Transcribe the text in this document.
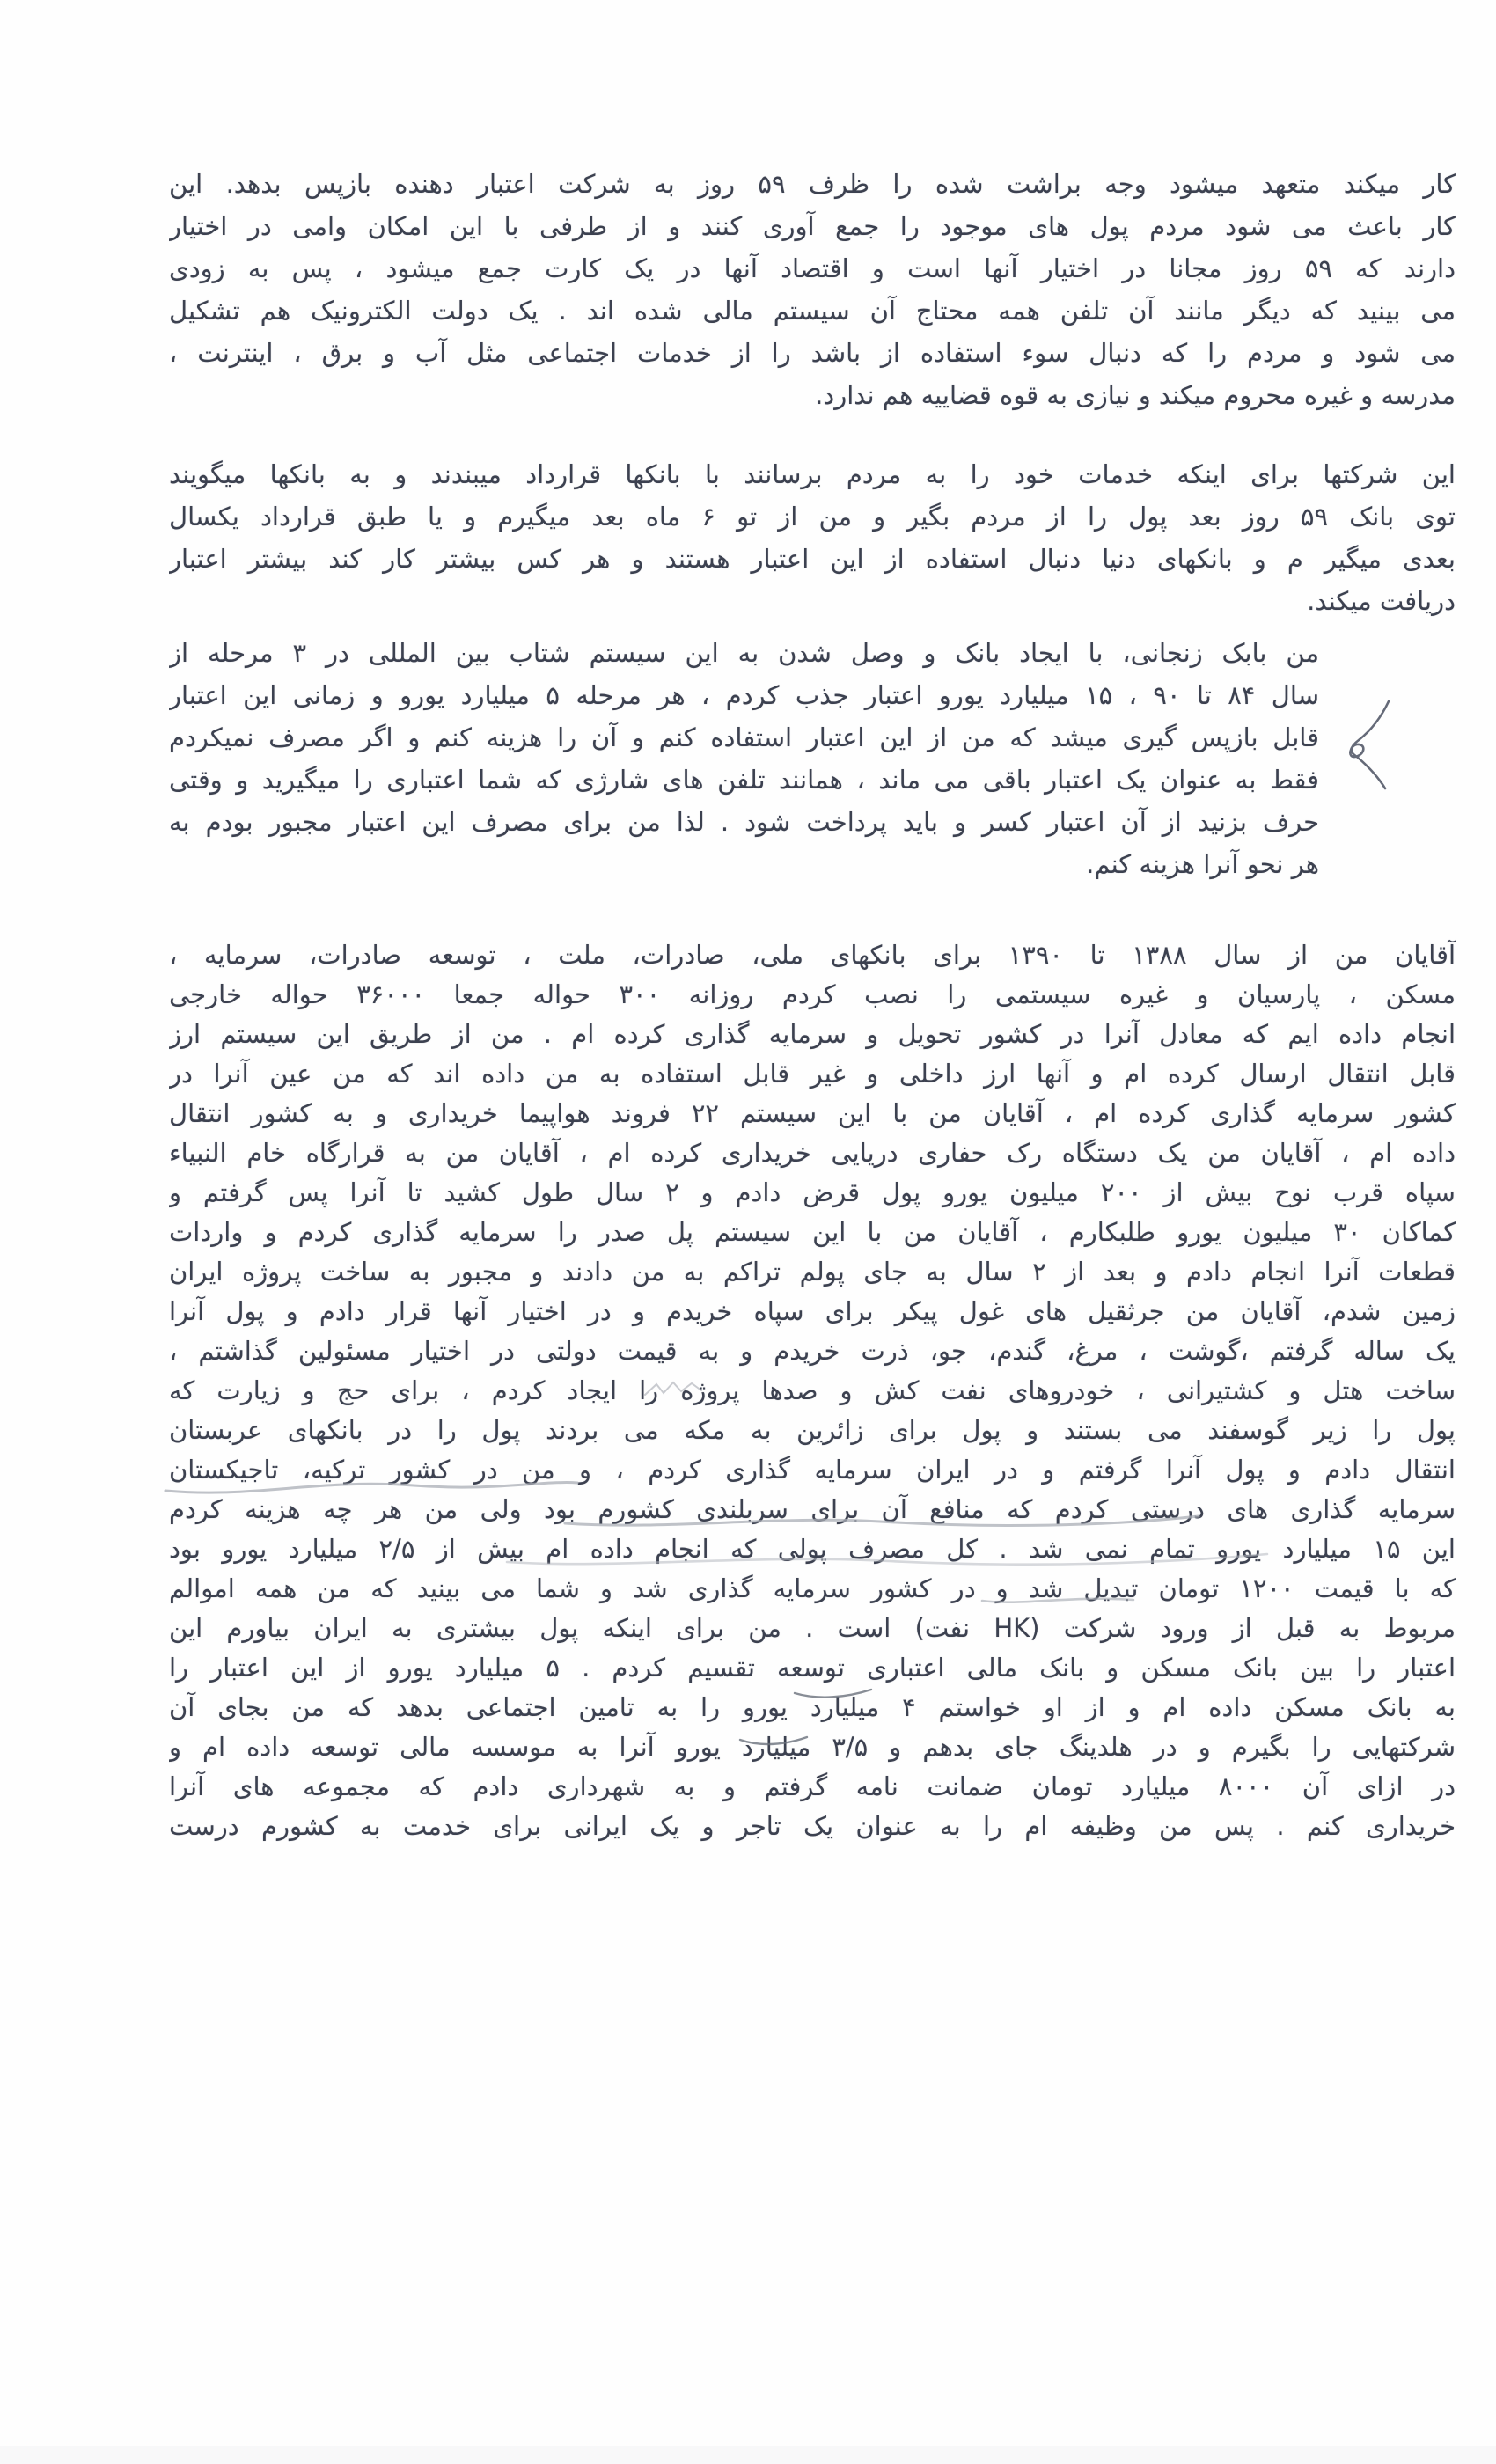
کار میکند متعهد میشود وجه براشت شده را ظرف ۵۹ روز به شرکت اعتبار دهنده بازپس بدهد. این
کار باعث می شود مردم پول های موجود را جمع آوری کنند و از طرفی با این امکان وامی در اختیار
دارند که ۵۹ روز مجانا در اختیار آنها است و اقتصاد آنها در یک کارت جمع میشود ، پس به زودی
می بینید که دیگر مانند آن تلفن همه محتاج آن سیستم مالی شده اند . یک دولت الکترونیک هم تشکیل
می شود و مردم را که دنبال سوء استفاده از باشد را از خدمات اجتماعی مثل آب و برق ، اینترنت ،
مدرسه و غیره محروم میکند و نیازی به قوه قضاییه هم ندارد.
این شرکتها برای اینکه خدمات خود را به مردم برسانند با بانکها قرارداد میبندند و به بانکها میگویند
توی بانک ۵۹ روز بعد پول را از مردم بگیر و من از تو ۶ ماه بعد میگیرم و یا طبق قرارداد یکسال
بعدی میگیر م و بانکهای دنیا دنبال استفاده از این اعتبار هستند و هر کس بیشتر کار کند بیشتر اعتبار
دریافت میکند.
من بابک زنجانی، با ایجاد بانک و وصل شدن به این سیستم شتاب بین المللی در ۳ مرحله از
سال ۸۴ تا ۹۰ ، ۱۵ میلیارد یورو اعتبار جذب کردم ، هر مرحله ۵ میلیارد یورو و زمانی این اعتبار
قابل بازپس گیری میشد که من از این اعتبار استفاده کنم و آن را هزینه کنم و اگر مصرف نمیکردم
فقط به عنوان یک اعتبار باقی می ماند ، همانند تلفن های شارژی که شما اعتباری را میگیرید و وقتی
حرف بزنید از آن اعتبار کسر و باید پرداخت شود . لذا من برای مصرف این اعتبار مجبور بودم به
هر نحو آنرا هزینه کنم.
آقایان من از سال ۱۳۸۸ تا ۱۳۹۰ برای بانکهای ملی، صادرات، ملت ، توسعه صادرات، سرمایه ،
مسکن ، پارسیان و غیره سیستمی را نصب کردم روزانه ۳۰۰ حواله جمعا ۳۶۰۰۰ حواله خارجی
انجام داده ایم که معادل آنرا در کشور تحویل و سرمایه گذاری کرده ام . من از طریق این سیستم ارز
قابل انتقال ارسال کرده ام و آنها ارز داخلی و غیر قابل استفاده به من داده اند که من عین آنرا در
کشور سرمایه گذاری کرده ام ، آقایان من با این سیستم ۲۲ فروند هواپیما خریداری و به کشور انتقال
داده ام ، آقایان من یک دستگاه رک حفاری دریایی خریداری کرده ام ، آقایان من به قرارگاه خام النبیاء
سپاه قرب نوح بیش از ۲۰۰ میلیون یورو پول قرض دادم و ۲ سال طول کشید تا آنرا پس گرفتم و
کماکان ۳۰ میلیون یورو طلبکارم ، آقایان من با این سیستم پل صدر را سرمایه گذاری کردم و واردات
قطعات آنرا انجام دادم و بعد از ۲ سال به جای پولم تراکم به من دادند و مجبور به ساخت پروژه ایران
زمین شدم، آقایان من جرثقیل های غول پیکر برای سپاه خریدم و در اختیار آنها قرار دادم و پول آنرا
یک ساله گرفتم ،گوشت ، مرغ، گندم، جو، ذرت خریدم و به قیمت دولتی در اختیار مسئولین گذاشتم ،
ساخت هتل و کشتیرانی ، خودروهای نفت کش و صدها پروژه را ایجاد کردم ، برای حج و زیارت که
پول را زیر گوسفند می بستند و پول برای زائرین به مکه می بردند پول را در بانکهای عربستان
انتقال دادم و پول آنرا گرفتم و در ایران سرمایه گذاری کردم ، و من در کشور ترکیه، تاجیکستان
سرمایه گذاری های درستی کردم که منافع آن برای سربلندی کشورم بود ولی من هر چه هزینه کردم
این ۱۵ میلیارد یورو تمام نمی شد . کل مصرف پولی که انجام داده ام بیش از ۲/۵ میلیارد یورو بود
که با قیمت ۱۲۰۰ تومان تبدیل شد و در کشور سرمایه گذاری شد و شما می بینید که من همه اموالم
مربوط به قبل از ورود شرکت (HK نفت) است . من برای اینکه پول بیشتری به ایران بیاورم این
اعتبار را بین بانک مسکن و بانک مالی اعتباری توسعه تقسیم کردم . ۵ میلیارد یورو از این اعتبار را
به بانک مسکن داده ام و از او خواستم ۴ میلیارد یورو را به تامین اجتماعی بدهد که من بجای آن
شرکتهایی را بگیرم و در هلدینگ جای بدهم و ۳/۵ میلیارد یورو آنرا به موسسه مالی توسعه داده ام و
در ازای آن ۸۰۰۰ میلیارد تومان ضمانت نامه گرفتم و به شهرداری دادم که مجموعه های آنرا
خریداری کنم . پس من وظیفه ام را به عنوان یک تاجر و یک ایرانی برای خدمت به کشورم درست
